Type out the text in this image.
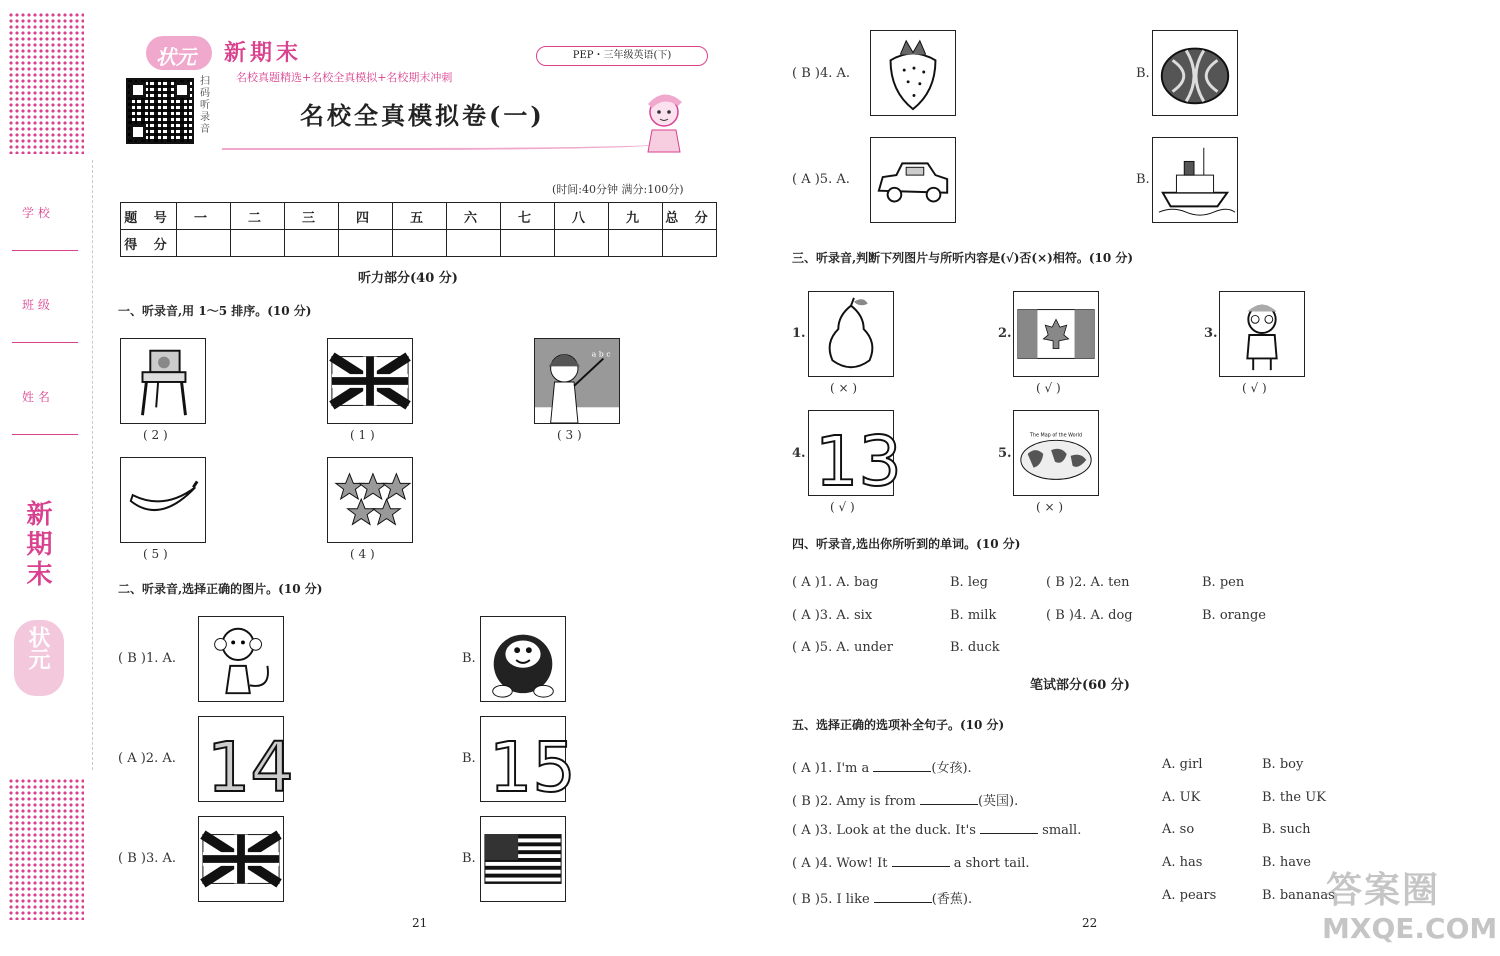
学 校
班 级
姓 名
新期末
状元
状元 新期末
名校真题精选+名校全真模拟+名校期末冲刺
PEP・三年级英语(下)
扫码听录音	名校全真模拟卷(一)
(时间:40分钟 满分:100分)
题 号	一	二	三	四	五	六	七	八	九	总 分
得 分										
听力部分(40 分)
一、听录音,用 1～5 排序。(10 分)
( 2 )	( 1 )
a b c
( 3 )
( 5 )	( 4 )
二、听录音,选择正确的图片。(10 分)
( B )1. A.	B.
( A )2. A. 14	B. 15
( B )3. A.	B.
21
( B )4. A.	B.
( A )5. A.	B.
三、听录音,判断下列图片与所听内容是(√)否(×)相符。(10 分)
1.
( × )
2.
( √ )
3.
( √ )
4. 13
( √ )
5.
The Map of the World
( × )
四、听录音,选出你所听到的单词。(10 分)
( A )1. A. bag	B. leg	( B )2. A. ten	B. pen
( A )3. A. six	B. milk	( B )4. A. dog	B. orange
( A )5. A. under	B. duck
笔试部分(60 分)
五、选择正确的选项补全句子。(10 分)
( A )1. I'm a	(女孩).	A. girl	B. boy
( B )2. Amy is from	(英国).	A. UK	B. the UK
( A )3. Look at the duck. It's	small.	A. so	B. such
( A )4. Wow! It	a short tail.	A. has	B. have
( B )5. I like	(香蕉).	A. pears	B. bananas
22
答案圈
MXQE.COM
